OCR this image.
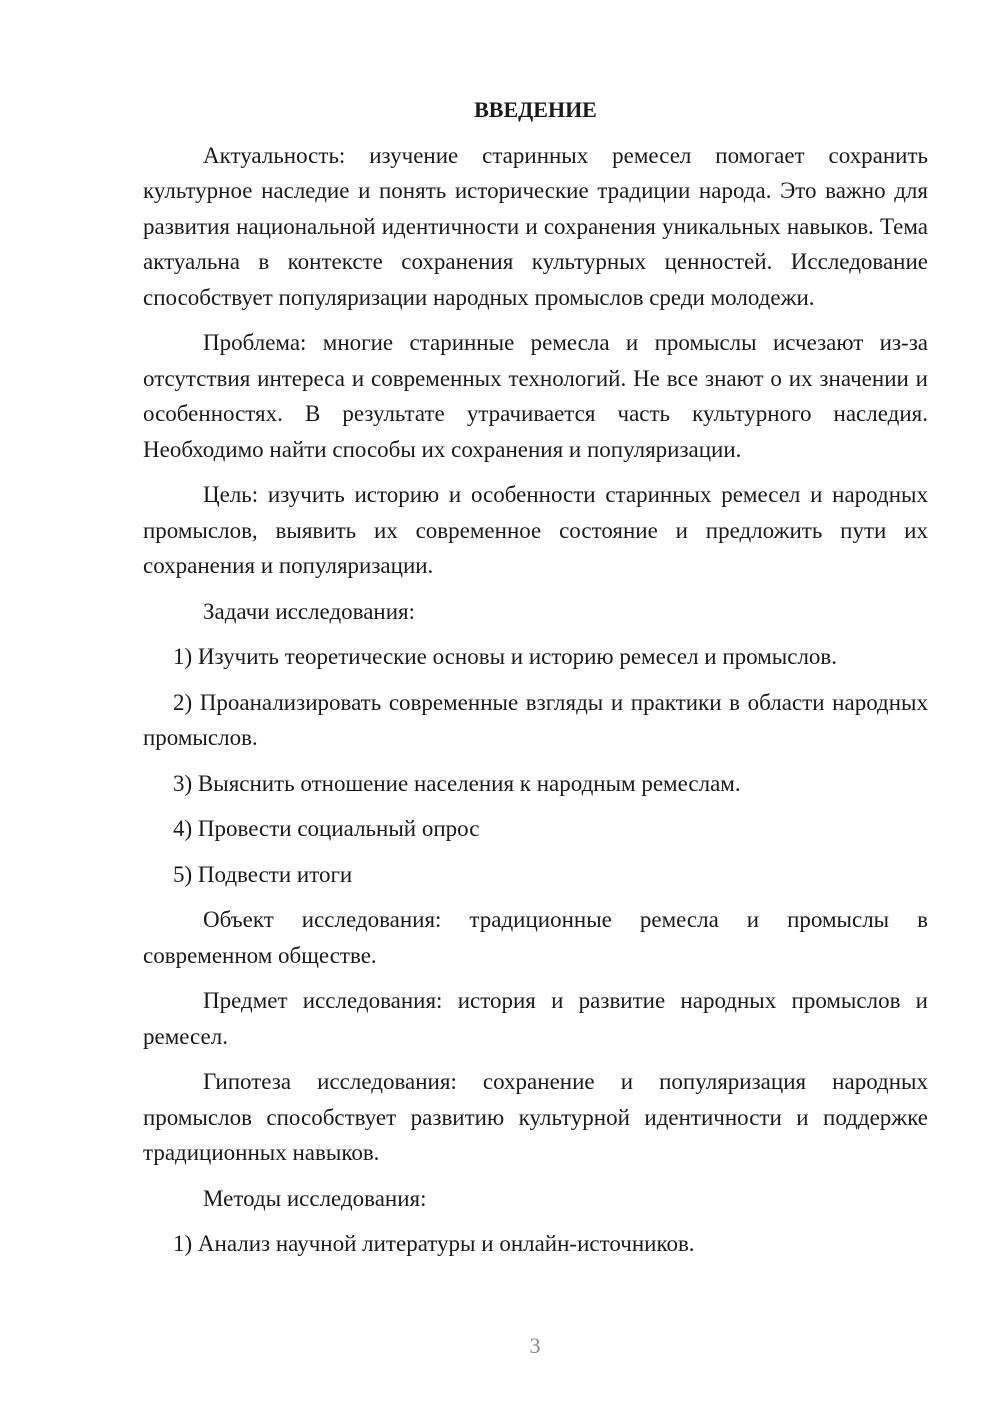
ВВЕДЕНИЕ

Актуальность: изучение старинных ремесел помогает сохранить культурное наследие и понять исторические традиции народа. Это важно для развития национальной идентичности и сохранения уникальных навыков. Тема актуальна в контексте сохранения культурных ценностей. Исследование способствует популяризации народных промыслов среди молодежи.

Проблема: многие старинные ремесла и промыслы исчезают из-за отсутствия интереса и современных технологий. Не все знают о их значении и особенностях. В результате утрачивается часть культурного наследия. Необходимо найти способы их сохранения и популяризации.

Цель: изучить историю и особенности старинных ремесел и народных промыслов, выявить их современное состояние и предложить пути их сохранения и популяризации.

Задачи исследования:

1) Изучить теоретические основы и историю ремесел и промыслов.

2) Проанализировать современные взгляды и практики в области народных промыслов.

3) Выяснить отношение населения к народным ремеслам.

4) Провести социальный опрос

5) Подвести итоги

Объект исследования: традиционные ремесла и промыслы в современном обществе.

Предмет исследования: история и развитие народных промыслов и ремесел.

Гипотеза исследования: сохранение и популяризация народных промыслов способствует развитию культурной идентичности и поддержке традиционных навыков.

Методы исследования:

1) Анализ научной литературы и онлайн-источников.

3
